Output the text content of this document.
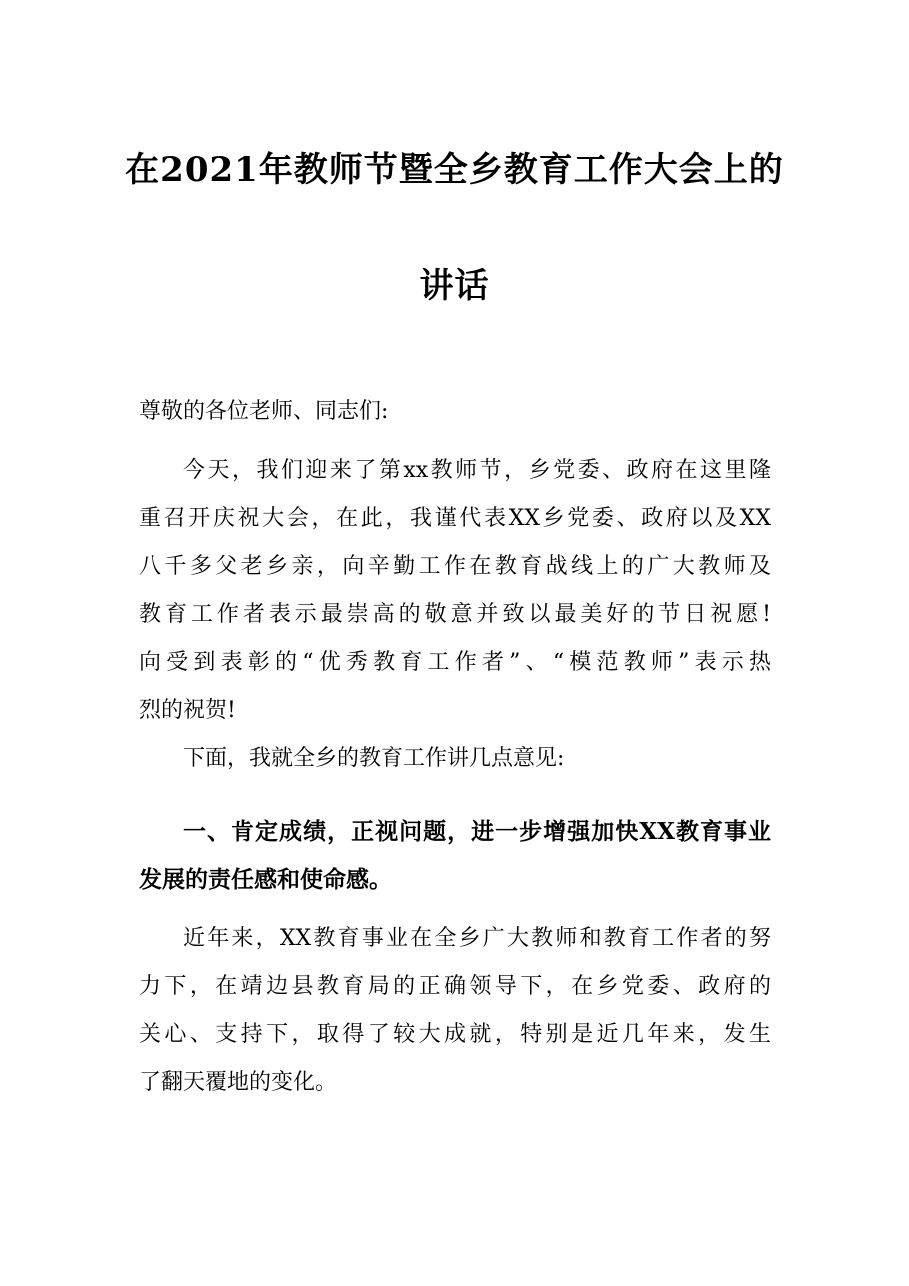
在2021年教师节暨全乡教育工作大会上的
讲话
尊敬的各位老师、同志们:
今天，我们迎来了第xx教师节，乡党委、政府在这里隆
重召开庆祝大会，在此，我谨代表XX乡党委、政府以及XX
八千多父老乡亲，向辛勤工作在教育战线上的广大教师及
教育工作者表示最崇高的敬意并致以最美好的节日祝愿!
向受到表彰的“优秀教育工作者”、“模范教师”表示热
烈的祝贺!
下面，我就全乡的教育工作讲几点意见:
一、肯定成绩，正视问题，进一步增强加快XX教育事业
发展的责任感和使命感。
近年来，XX教育事业在全乡广大教师和教育工作者的努
力下，在靖边县教育局的正确领导下，在乡党委、政府的
关心、支持下，取得了较大成就，特别是近几年来，发生
了翻天覆地的变化。
